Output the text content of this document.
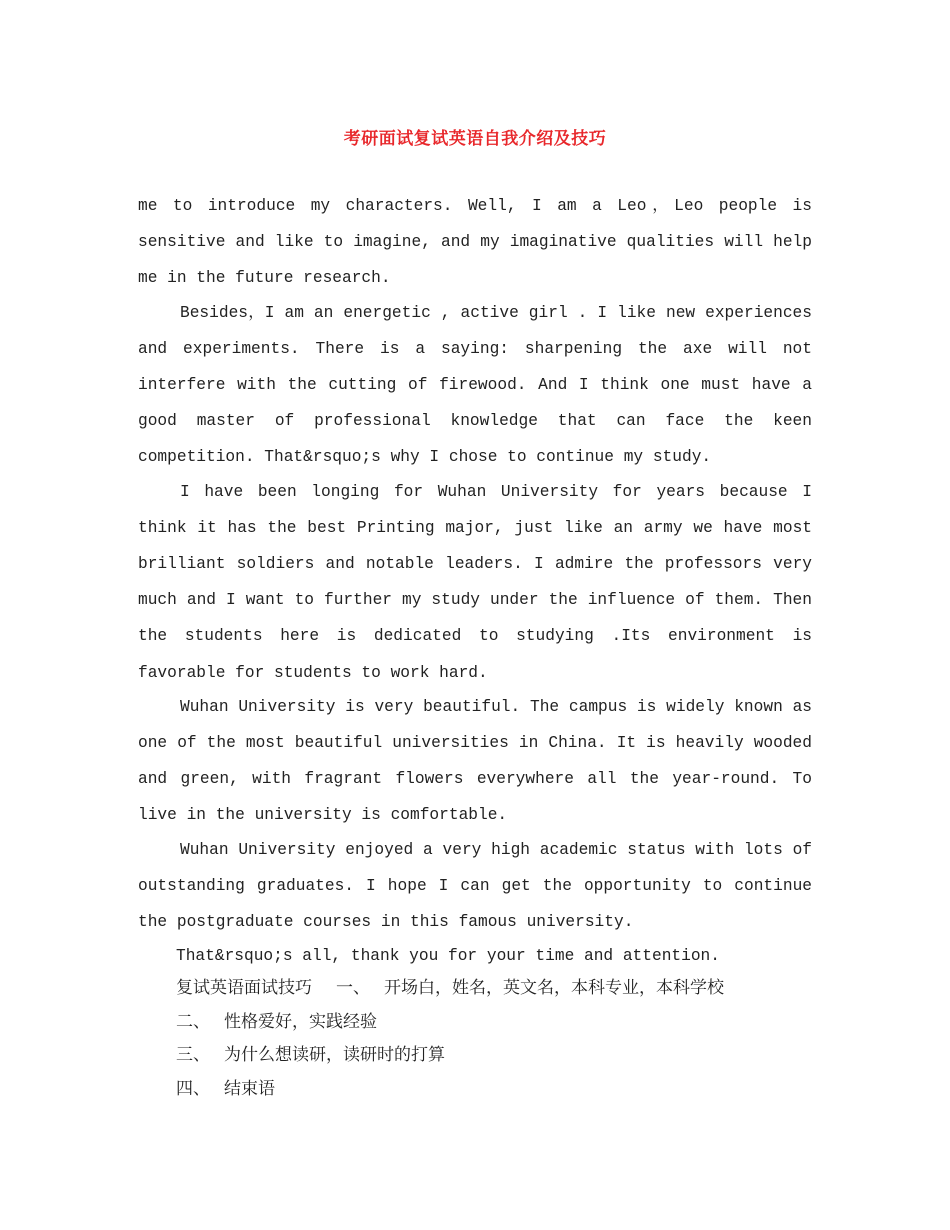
考研面试复试英语自我介绍及技巧

me to introduce my characters. Well, I am a Leo，Leo people is sensitive and like to imagine, and my imaginative qualities will help me in the future research.

Besides，I am an energetic , active girl . I like new experiences and experiments. There is a saying: sharpening the axe will not interfere with the cutting of firewood. And I think one must have a good master of professional knowledge that can face the keen competition. That&rsquo;s why I chose to continue my study.

I have been longing for Wuhan University for years because I think it has the best Printing major, just like an army we have most brilliant soldiers and notable leaders. I admire the professors very much and I want to further my study under the influence of them. Then the students here is dedicated to studying .Its environment is favorable for students to work hard.

Wuhan University is very beautiful. The campus is widely known as one of the most beautiful universities in China. It is heavily wooded and green, with fragrant flowers everywhere all the year-round. To live in the university is comfortable.

Wuhan University enjoyed a very high academic status with lots of outstanding graduates. I hope I can get the opportunity to continue the postgraduate courses in this famous university.

That&rsquo;s all, thank you for your time and attention.

复试英语面试技巧 一、 开场白，姓名，英文名，本科专业，本科学校
二、 性格爱好，实践经验
三、 为什么想读研，读研时的打算
四、 结束语
